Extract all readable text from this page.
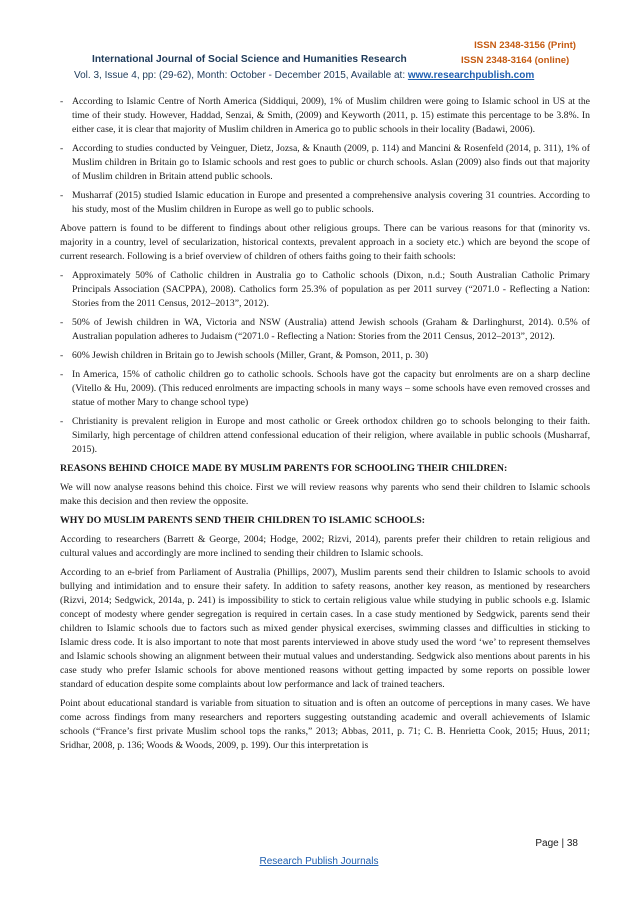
ISSN 2348-3156 (Print)
International Journal of Social Science and Humanities Research	ISSN 2348-3164 (online)
Vol. 3, Issue 4, pp: (29-62), Month: October - December 2015, Available at: www.researchpublish.com
- According to Islamic Centre of North America (Siddiqui, 2009), 1% of Muslim children were going to Islamic school in US at the time of their study. However, Haddad, Senzai, & Smith, (2009) and Keyworth (2011, p. 15) estimate this percentage to be 3.8%. In either case, it is clear that majority of Muslim children in America go to public schools in their locality (Badawi, 2006).
- According to studies conducted by Veinguer, Dietz, Jozsa, & Knauth (2009, p. 114) and Mancini & Rosenfeld (2014, p. 311), 1% of Muslim children in Britain go to Islamic schools and rest goes to public or church schools. Aslan (2009) also finds out that majority of Muslim children in Britain attend public schools.
- Musharraf (2015) studied Islamic education in Europe and presented a comprehensive analysis covering 31 countries. According to his study, most of the Muslim children in Europe as well go to public schools.

Above pattern is found to be different to findings about other religious groups. There can be various reasons for that (minority vs. majority in a country, level of secularization, historical contexts, prevalent approach in a society etc.) which are beyond the scope of current research. Following is a brief overview of children of others faiths going to their faith schools:

- Approximately 50% of Catholic children in Australia go to Catholic schools (Dixon, n.d.; South Australian Catholic Primary Principals Association (SACPPA), 2008). Catholics form 25.3% of population as per 2011 survey (“2071.0 - Reflecting a Nation: Stories from the 2011 Census, 2012–2013”, 2012).
- 50% of Jewish children in WA, Victoria and NSW (Australia) attend Jewish schools (Graham & Darlinghurst, 2014). 0.5% of Australian population adheres to Judaism (“2071.0 - Reflecting a Nation: Stories from the 2011 Census, 2012–2013”, 2012).
- 60% Jewish children in Britain go to Jewish schools (Miller, Grant, & Pomson, 2011, p. 30)
- In America, 15% of catholic children go to catholic schools. Schools have got the capacity but enrolments are on a sharp decline (Vitello & Hu, 2009). (This reduced enrolments are impacting schools in many ways – some schools have even removed crosses and statue of mother Mary to change school type)
- Christianity is prevalent religion in Europe and most catholic or Greek orthodox children go to schools belonging to their faith. Similarly, high percentage of children attend confessional education of their religion, where available in public schools (Musharraf, 2015).
REASONS BEHIND CHOICE MADE BY MUSLIM PARENTS FOR SCHOOLING THEIR CHILDREN:

We will now analyse reasons behind this choice. First we will review reasons why parents who send their children to Islamic schools make this decision and then review the opposite.

WHY DO MUSLIM PARENTS SEND THEIR CHILDREN TO ISLAMIC SCHOOLS:

According to researchers (Barrett & George, 2004; Hodge, 2002; Rizvi, 2014), parents prefer their children to retain religious and cultural values and accordingly are more inclined to sending their children to Islamic schools.

According to an e-brief from Parliament of Australia (Phillips, 2007), Muslim parents send their children to Islamic schools to avoid bullying and intimidation and to ensure their safety. In addition to safety reasons, another key reason, as mentioned by researchers (Rizvi, 2014; Sedgwick, 2014a, p. 241) is impossibility to stick to certain religious value while studying in public schools e.g. Islamic concept of modesty where gender segregation is required in certain cases. In a case study mentioned by Sedgwick, parents send their children to Islamic schools due to factors such as mixed gender physical exercises, swimming classes and difficulties in sticking to Islamic dress code. It is also important to note that most parents interviewed in above study used the word ‘we’ to represent themselves and Islamic schools showing an alignment between their mutual values and understanding. Sedgwick also mentions about parents in his case study who prefer Islamic schools for above mentioned reasons without getting impacted by some reports on possible lower standard of education despite some complaints about low performance and lack of trained teachers.

Point about educational standard is variable from situation to situation and is often an outcome of perceptions in many cases. We have come across findings from many researchers and reporters suggesting outstanding academic and overall achievements of Islamic schools (“France’s first private Muslim school tops the ranks,” 2013; Abbas, 2011, p. 71; C. B. Henrietta Cook, 2015; Huus, 2011; Sridhar, 2008, p. 136; Woods & Woods, 2009, p. 199). Our this interpretation is

Page | 38
Research Publish Journals
